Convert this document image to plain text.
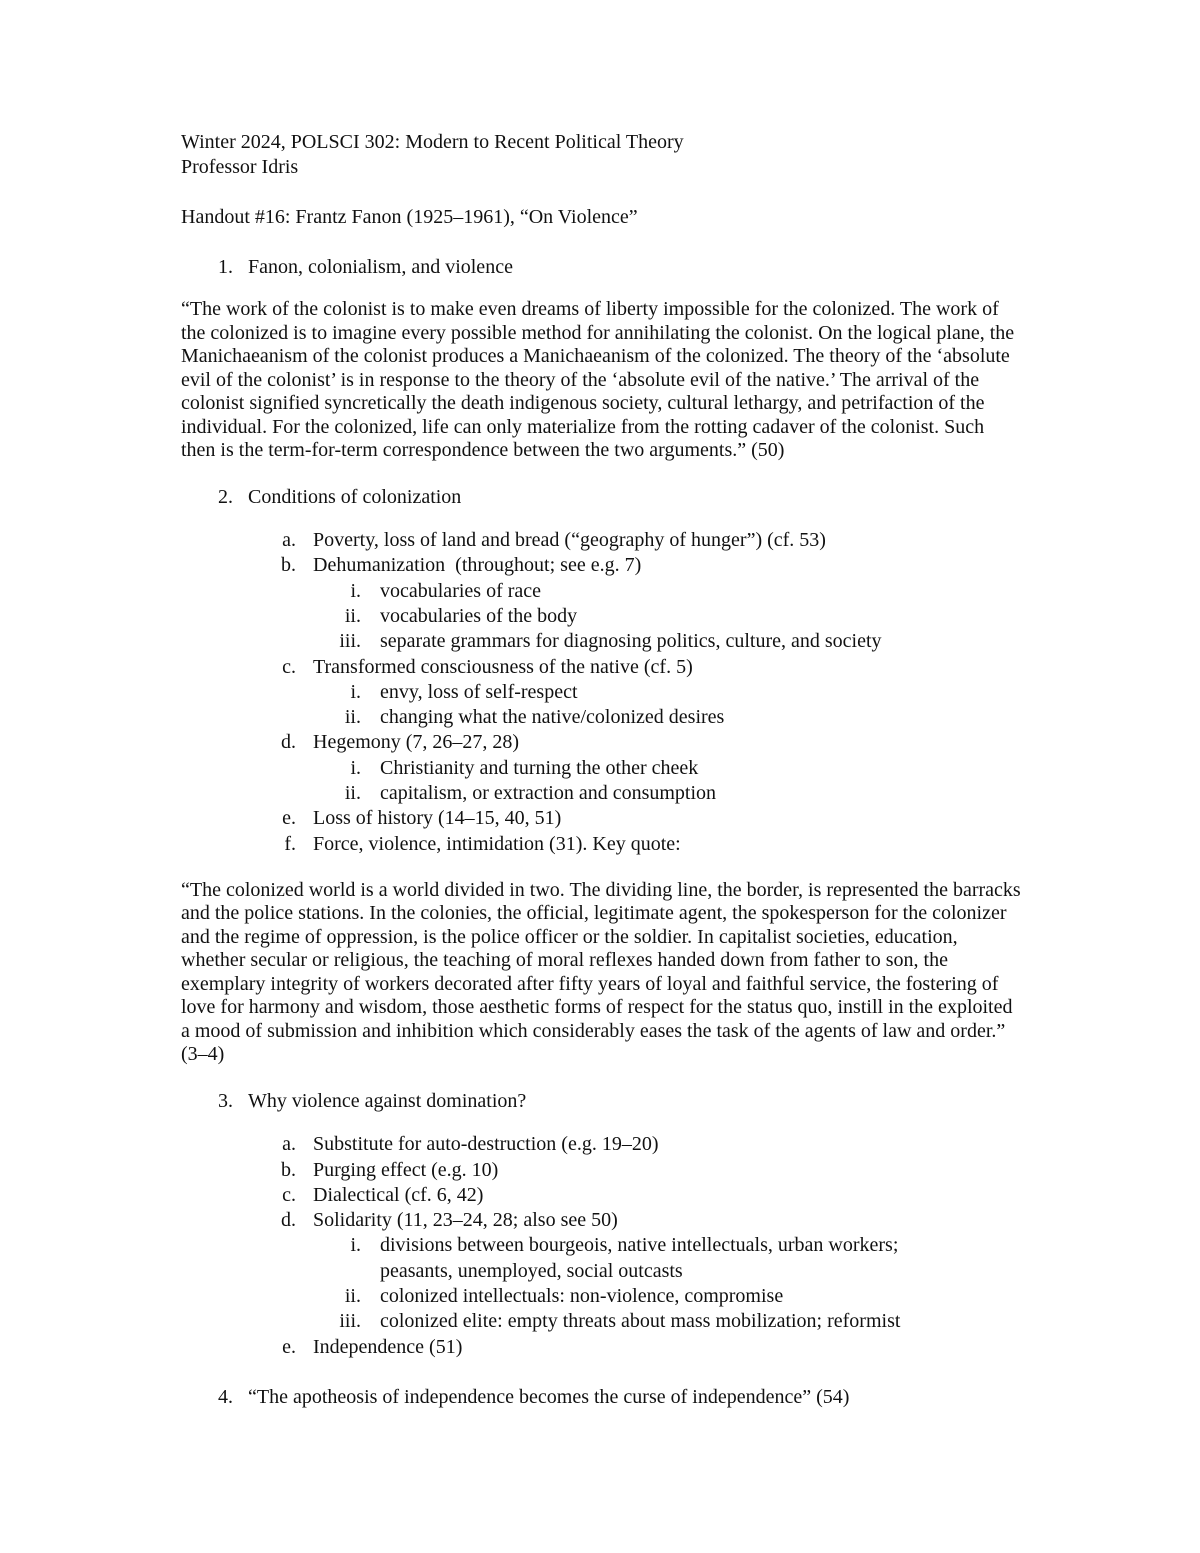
Winter 2024, POLSCI 302: Modern to Recent Political Theory
Professor Idris
Handout #16: Frantz Fanon (1925–1961), “On Violence”
1. Fanon, colonialism, and violence

“The work of the colonist is to make even dreams of liberty impossible for the colonized. The work of the colonized is to imagine every possible method for annihilating the colonist. On the logical plane, the Manichaeanism of the colonist produces a Manichaeanism of the colonized. The theory of the ‘absolute evil of the colonist’ is in response to the theory of the ‘absolute evil of the native.’ The arrival of the colonist signified syncretically the death indigenous society, cultural lethargy, and petrifaction of the individual. For the colonized, life can only materialize from the rotting cadaver of the colonist. Such then is the term-for-term correspondence between the two arguments.” (50)

2. Conditions of colonization
a. Poverty, loss of land and bread (“geography of hunger”) (cf. 53)
b. Dehumanization  (throughout; see e.g. 7)
i. vocabularies of race
ii. vocabularies of the body
iii. separate grammars for diagnosing politics, culture, and society
c. Transformed consciousness of the native (cf. 5)
i. envy, loss of self-respect
ii. changing what the native/colonized desires
d. Hegemony (7, 26–27, 28)
i. Christianity and turning the other cheek
ii. capitalism, or extraction and consumption
e. Loss of history (14–15, 40, 51)
f. Force, violence, intimidation (31). Key quote:

“The colonized world is a world divided in two. The dividing line, the border, is represented the barracks and the police stations. In the colonies, the official, legitimate agent, the spokesperson for the colonizer and the regime of oppression, is the police officer or the soldier. In capitalist societies, education, whether secular or religious, the teaching of moral reflexes handed down from father to son, the exemplary integrity of workers decorated after fifty years of loyal and faithful service, the fostering of love for harmony and wisdom, those aesthetic forms of respect for the status quo, instill in the exploited a mood of submission and inhibition which considerably eases the task of the agents of law and order.” (3–4)

3. Why violence against domination?
a. Substitute for auto-destruction (e.g. 19–20)
b. Purging effect (e.g. 10)
c. Dialectical (cf. 6, 42)
d. Solidarity (11, 23–24, 28; also see 50)
i. divisions between bourgeois, native intellectuals, urban workers;
peasants, unemployed, social outcasts
ii. colonized intellectuals: non-violence, compromise
iii. colonized elite: empty threats about mass mobilization; reformist
e. Independence (51)
4. “The apotheosis of independence becomes the curse of independence” (54)
